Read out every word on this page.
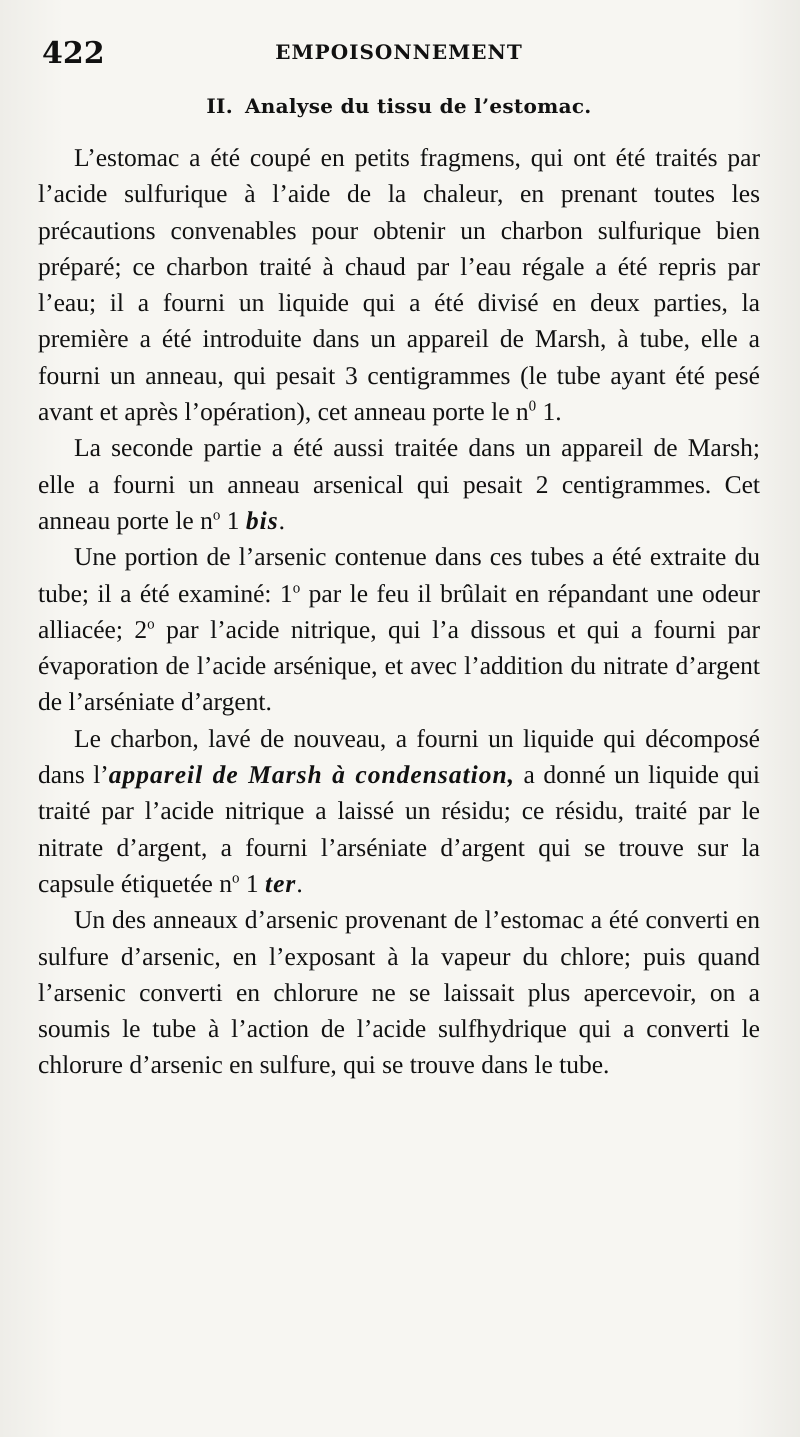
422	EMPOISONNEMENT
II. Analyse du tissu de l’estomac.

L’estomac a été coupé en petits fragmens, qui ont été traités par l’acide sulfurique à l’aide de la chaleur, en prenant toutes les précautions convenables pour obtenir un charbon sulfurique bien préparé; ce charbon traité à chaud par l’eau régale a été repris par l’eau; il a fourni un liquide qui a été divisé en deux parties, la première a été introduite dans un appareil de Marsh, à tube, elle a fourni un anneau, qui pesait 3 centigrammes (le tube ayant été pesé avant et après l’opération), cet anneau porte le $n^0$ 1.

La seconde partie a été aussi traitée dans un appareil de Marsh; elle a fourni un anneau arsenical qui pesait 2 centigrammes. Cet anneau porte le $n^o$ 1 bis.

Une portion de l’arsenic contenue dans ces tubes a été extraite du tube; il a été examiné: 1$^o$ par le feu il brûlait en répandant une odeur alliacée; 2$^o$ par l’acide nitrique, qui l’a dissous et qui a fourni par évaporation de l’acide arsénique, et avec l’addition du nitrate d’argent de l’arséniate d’argent.

Le charbon, lavé de nouveau, a fourni un liquide qui décomposé dans l’appareil de Marsh à condensation, a donné un liquide qui traité par l’acide nitrique a laissé un résidu; ce résidu, traité par le nitrate d’argent, a fourni l’arséniate d’argent qui se trouve sur la capsule étiquetée $n^o$ 1 ter.

Un des anneaux d’arsenic provenant de l’estomac a été converti en sulfure d’arsenic, en l’exposant à la vapeur du chlore; puis quand l’arsenic converti en chlorure ne se laissait plus apercevoir, on a soumis le tube à l’action de l’acide sulfhydrique qui a converti le chlorure d’arsenic en sulfure, qui se trouve dans le tube.
